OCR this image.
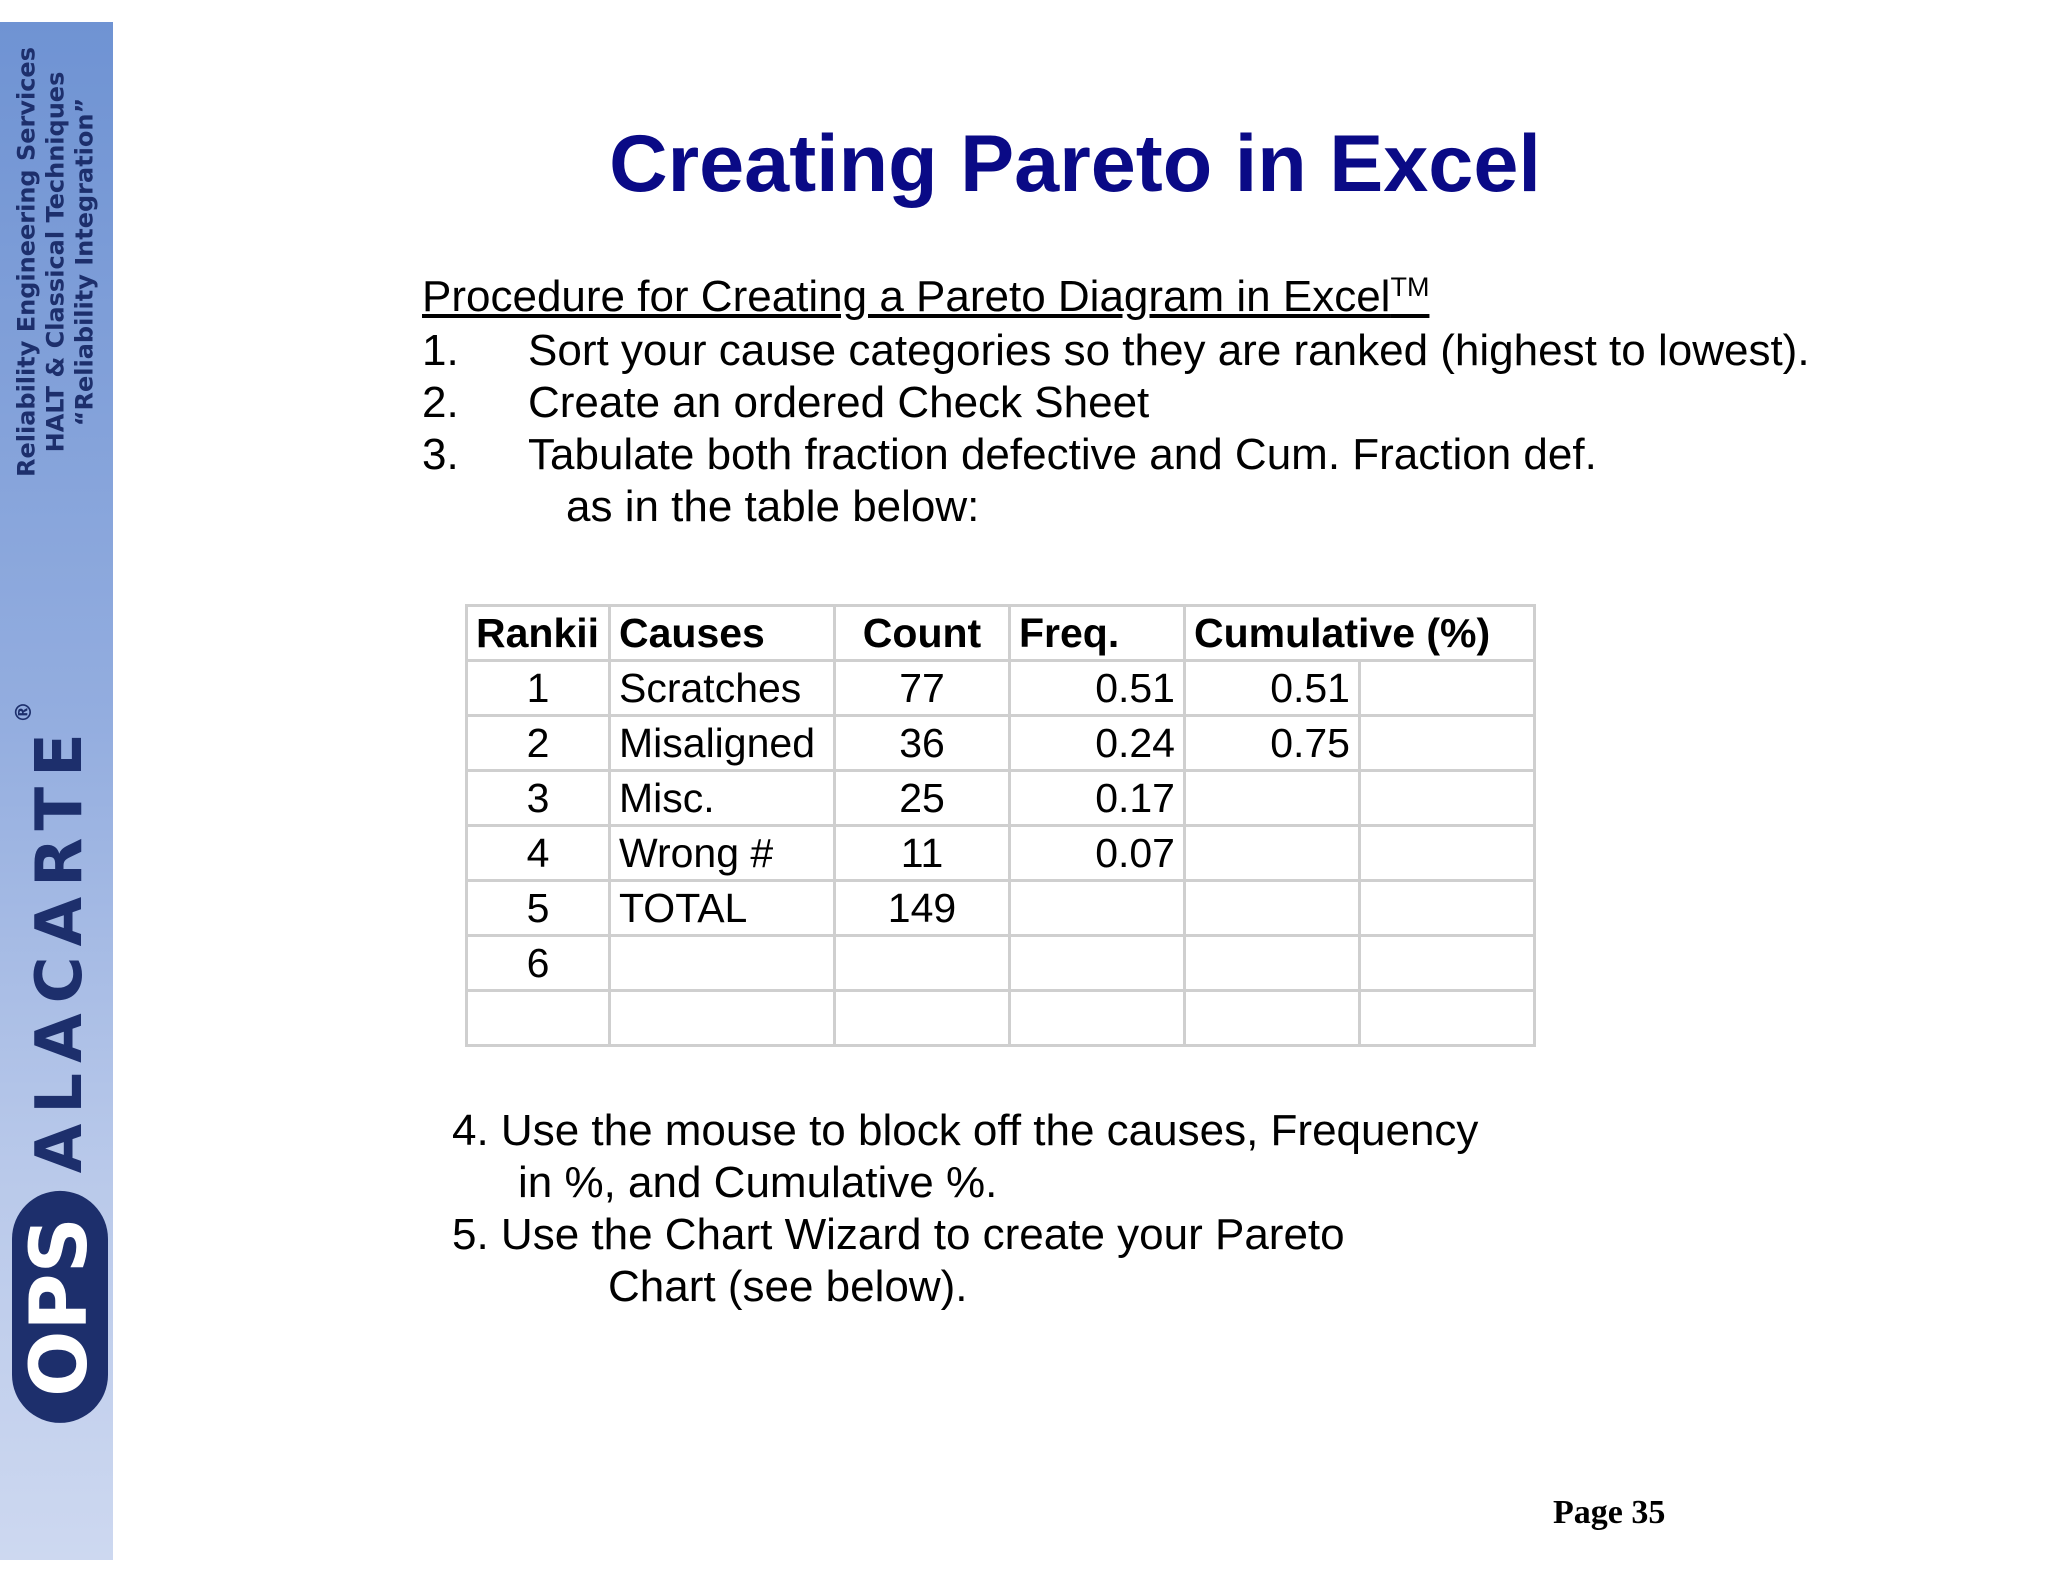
Reliability Engineering Services HALT & Classical Techniques “Reliability Integration”
OPSALACARTE®
Creating Pareto in Excel
Procedure for Creating a Pareto Diagram in Excel™
1. Sort your cause categories so they are ranked (highest to lowest).
2. Create an ordered Check Sheet
3. Tabulate both fraction defective and Cum. Fraction def.
as in the table below:
Rankii	Causes	Count	Freq.	Cumulative (%)	
1	Scratches	77	0.51	0.51	
2	Misaligned	36	0.24	0.75	
3	Misc.	25	0.17		
4	Wrong #	11	0.07		
5	TOTAL	149			
6					

4. Use the mouse to block off the causes, Frequency
in %, and Cumulative %.
5. Use the Chart Wizard to create your Pareto
Chart (see below).
Page 35
